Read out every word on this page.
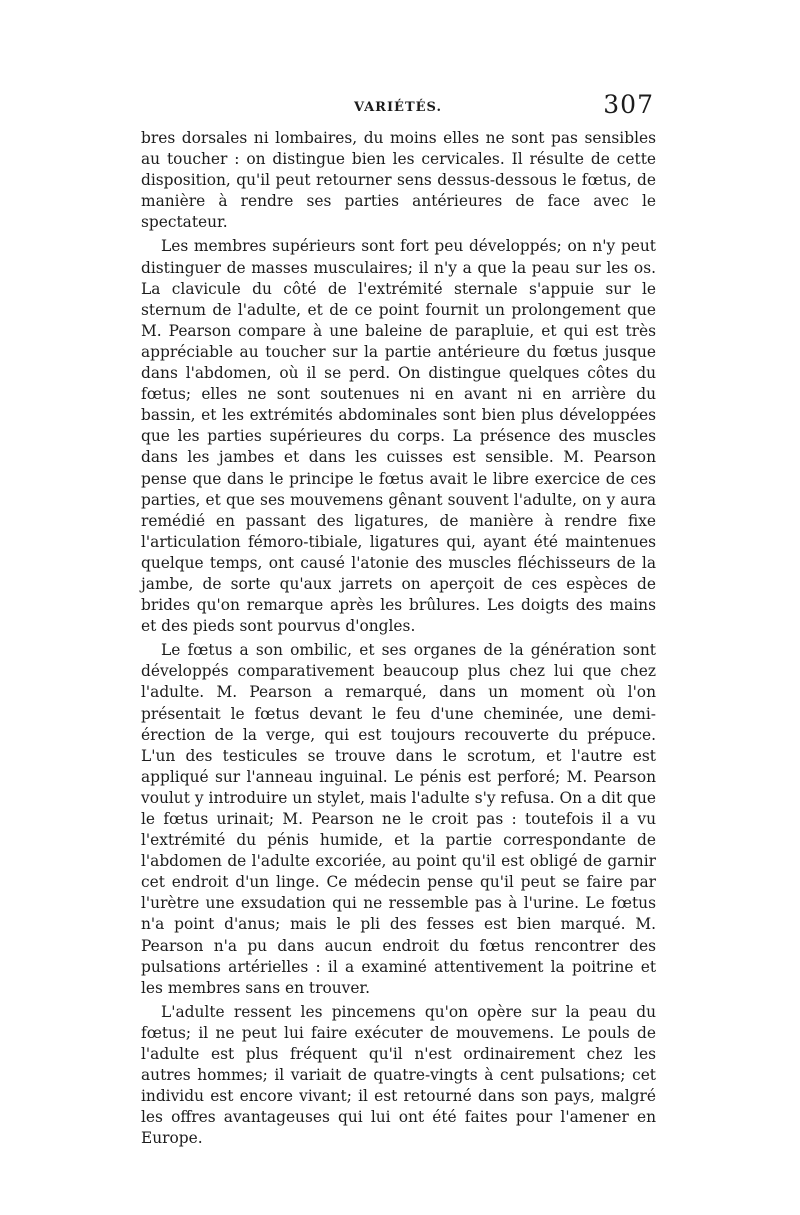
VARIÉTÉS.	307

bres dorsales ni lombaires, du moins elles ne sont pas sensibles au toucher : on distingue bien les cervicales. Il résulte de cette disposition, qu'il peut retourner sens dessus-dessous le fœtus, de manière à rendre ses parties antérieures de face avec le spectateur.

Les membres supérieurs sont fort peu développés; on n'y peut distinguer de masses musculaires; il n'y a que la peau sur les os. La clavicule du côté de l'extrémité sternale s'appuie sur le sternum de l'adulte, et de ce point fournit un prolongement que M. Pearson compare à une baleine de parapluie, et qui est très appréciable au toucher sur la partie antérieure du fœtus jusque dans l'abdomen, où il se perd. On distingue quelques côtes du fœtus; elles ne sont soutenues ni en avant ni en arrière du bassin, et les extrémités abdominales sont bien plus développées que les parties supérieures du corps. La présence des muscles dans les jambes et dans les cuisses est sensible. M. Pearson pense que dans le principe le fœtus avait le libre exercice de ces parties, et que ses mouvemens gênant souvent l'adulte, on y aura remédié en passant des ligatures, de manière à rendre fixe l'articulation fémoro-tibiale, ligatures qui, ayant été maintenues quelque temps, ont causé l'atonie des muscles fléchisseurs de la jambe, de sorte qu'aux jarrets on aperçoit de ces espèces de brides qu'on remarque après les brûlures. Les doigts des mains et des pieds sont pourvus d'ongles.

Le fœtus a son ombilic, et ses organes de la génération sont développés comparativement beaucoup plus chez lui que chez l'adulte. M. Pearson a remarqué, dans un moment où l'on présentait le fœtus devant le feu d'une cheminée, une demi-érection de la verge, qui est toujours recouverte du prépuce. L'un des testicules se trouve dans le scrotum, et l'autre est appliqué sur l'anneau inguinal. Le pénis est perforé; M. Pearson voulut y introduire un stylet, mais l'adulte s'y refusa. On a dit que le fœtus urinait; M. Pearson ne le croit pas : toutefois il a vu l'extrémité du pénis humide, et la partie correspondante de l'abdomen de l'adulte excoriée, au point qu'il est obligé de garnir cet endroit d'un linge. Ce médecin pense qu'il peut se faire par l'urètre une exsudation qui ne ressemble pas à l'urine. Le fœtus n'a point d'anus; mais le pli des fesses est bien marqué. M. Pearson n'a pu dans aucun endroit du fœtus rencontrer des pulsations artérielles : il a examiné attentivement la poitrine et les membres sans en trouver.

L'adulte ressent les pincemens qu'on opère sur la peau du fœtus; il ne peut lui faire exécuter de mouvemens. Le pouls de l'adulte est plus fréquent qu'il n'est ordinairement chez les autres hommes; il variait de quatre-vingts à cent pulsations; cet individu est encore vivant; il est retourné dans son pays, malgré les offres avantageuses qui lui ont été faites pour l'amener en Europe.
